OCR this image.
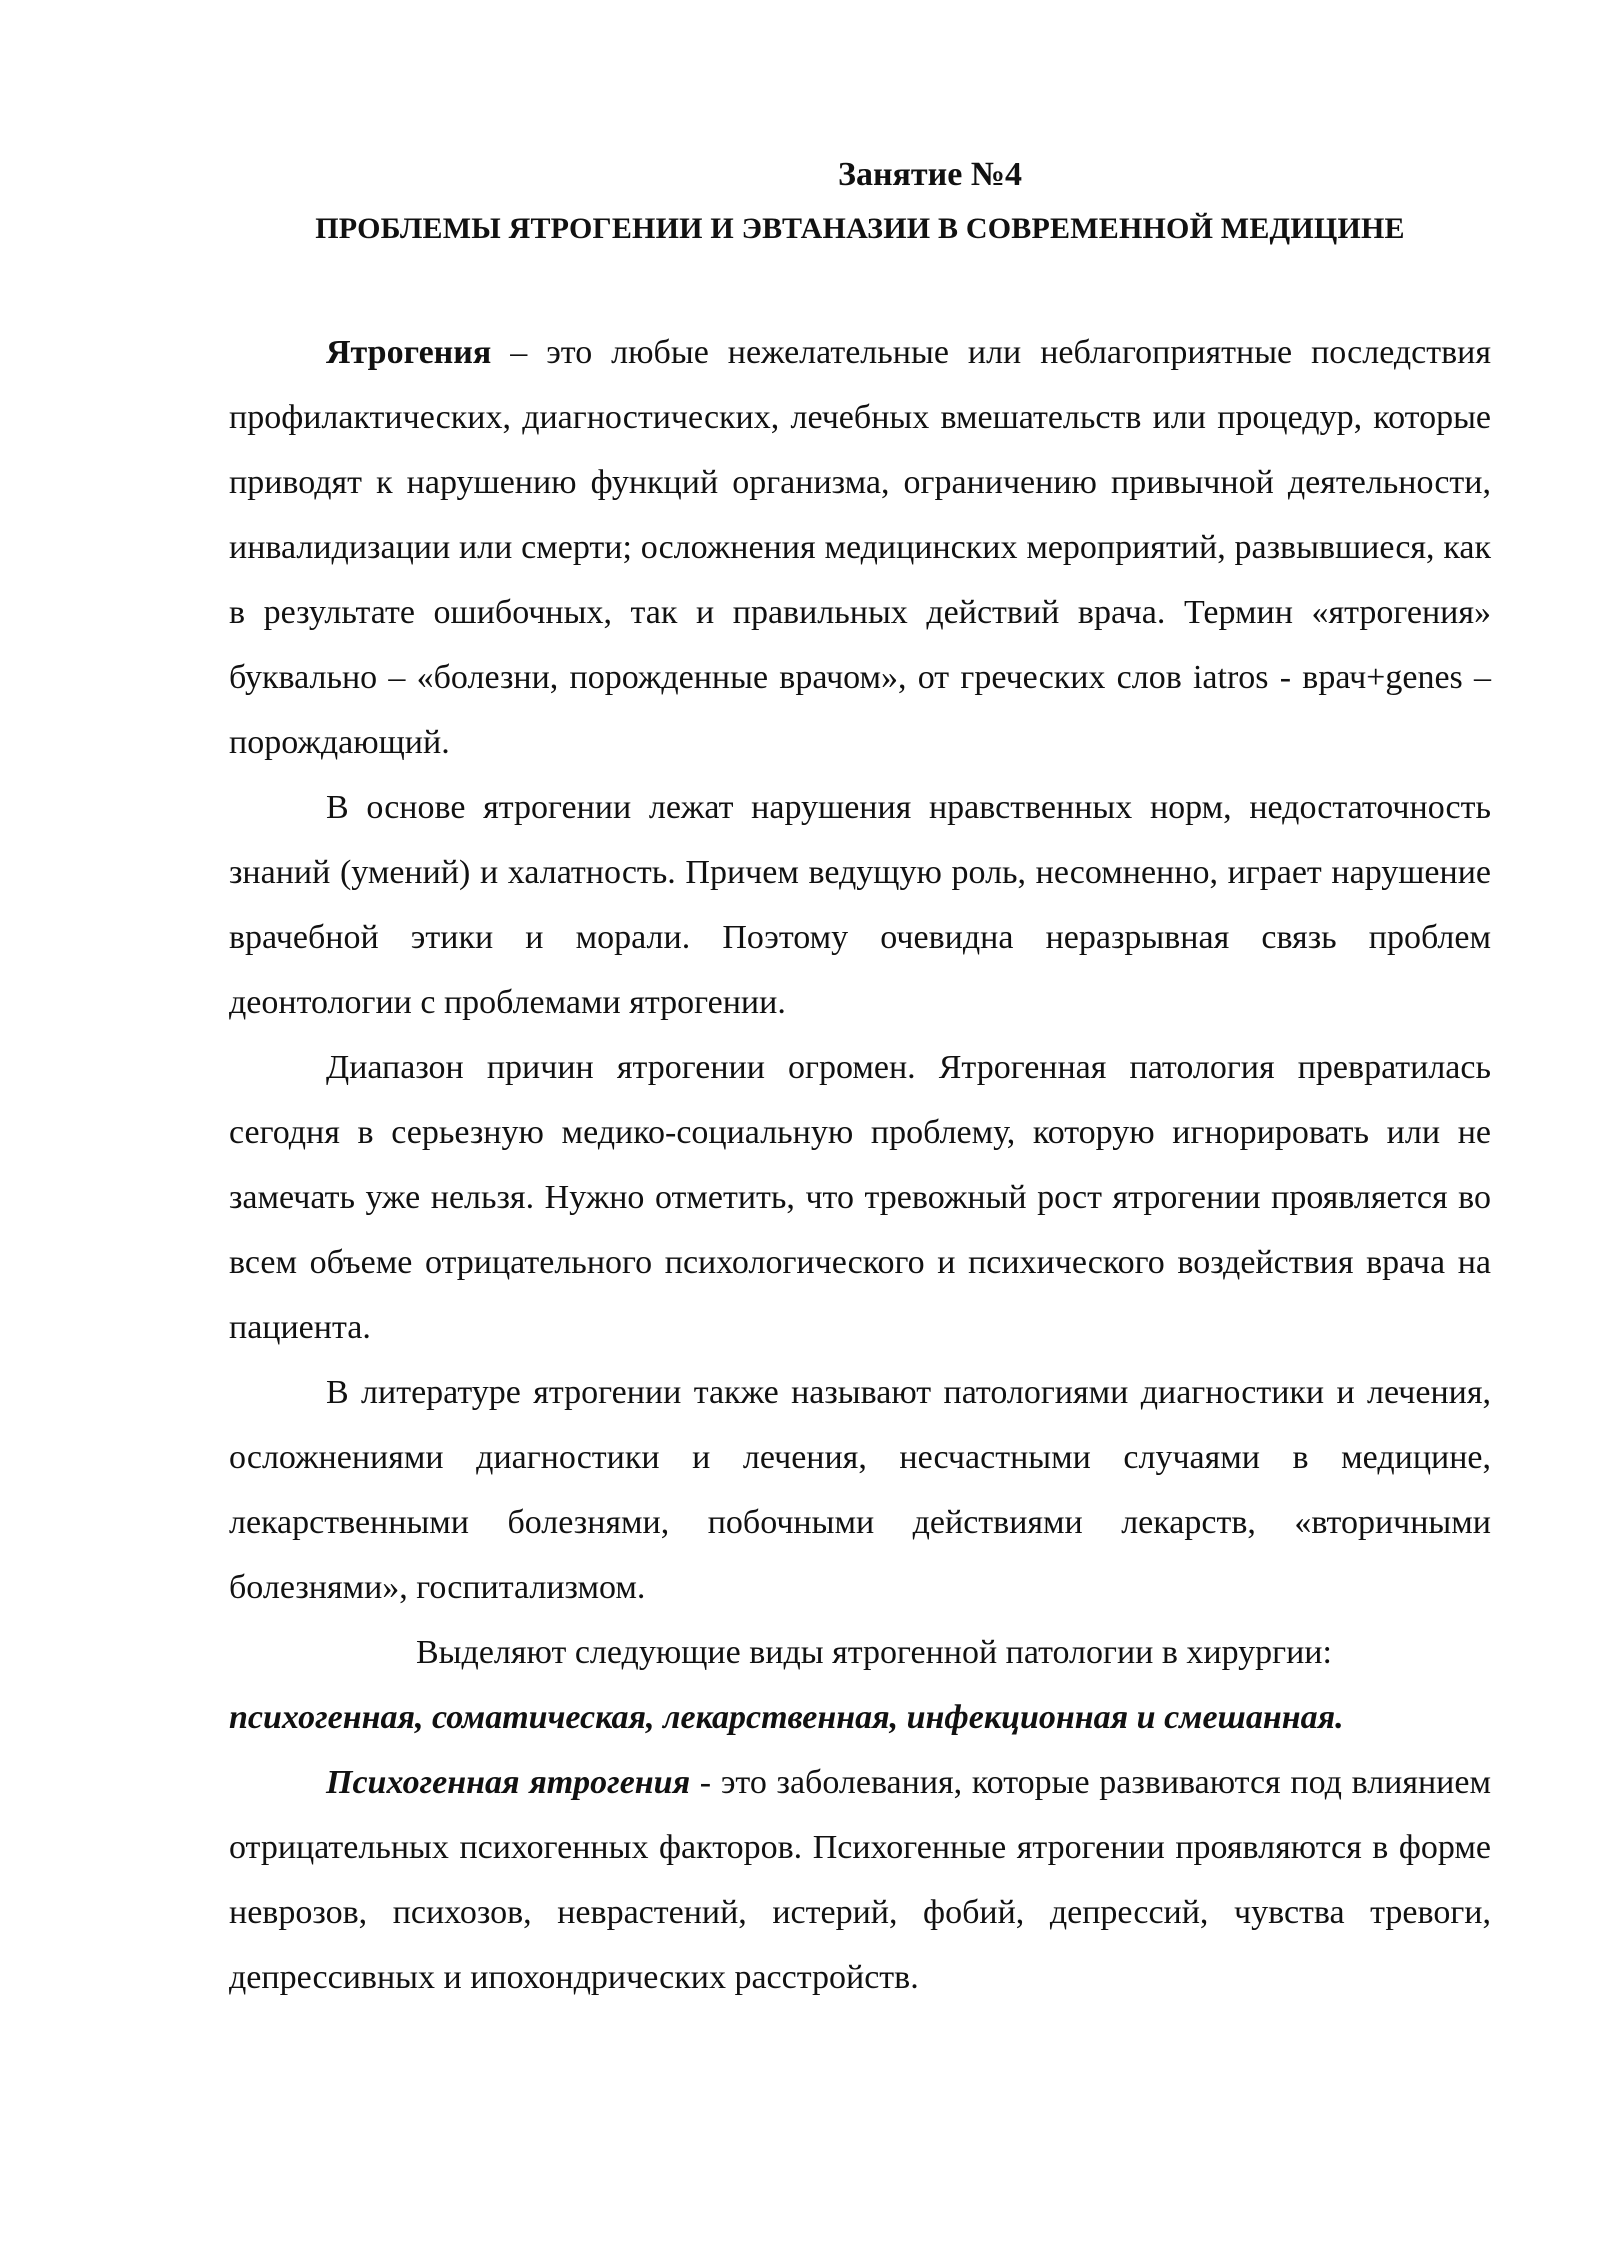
Занятие №4

ПРОБЛЕМЫ ЯТРОГЕНИИ И ЭВТАНАЗИИ В СОВРЕМЕННОЙ МЕДИЦИНЕ

Ятрогения – это любые нежелательные или неблагоприятные последствия профилактических, диагностических, лечебных вмешательств или процедур, которые приводят к нарушению функций организма, ограничению привычной деятельности, инвалидизации или смерти; осложнения медицинских мероприятий, развывшиеся, как в результате ошибочных, так и правильных действий врача. Термин «ятрогения» буквально – «болезни, порожденные врачом», от греческих слов iatros - врач+genes – порождающий.

В основе ятрогении лежат нарушения нравственных норм, недостаточность знаний (умений) и халатность. Причем ведущую роль, несомненно, играет нарушение врачебной этики и морали. Поэтому очевидна неразрывная связь проблем деонтологии с проблемами ятрогении.

Диапазон причин ятрогении огромен. Ятрогенная патология превратилась сегодня в серьезную медико-социальную проблему, которую игнорировать или не замечать уже нельзя. Нужно отметить, что тревожный рост ятрогении проявляется во всем объеме отрицательного психологического и психического воздействия врача на пациента.

В литературе ятрогении также называют патологиями диагностики и лечения, осложнениями диагностики и лечения, несчастными случаями в медицине, лекарственными болезнями, побочными действиями лекарств, «вторичными болезнями», госпитализмом.

Выделяют следующие виды ятрогенной патологии в хирургии:
психогенная, соматическая, лекарственная, инфекционная и смешанная.

Психогенная ятрогения - это заболевания, которые развиваются под влиянием отрицательных психогенных факторов. Психогенные ятрогении проявляются в форме неврозов, психозов, неврастений, истерий, фобий, депрессий, чувства тревоги, депрессивных и ипохондрических расстройств.
